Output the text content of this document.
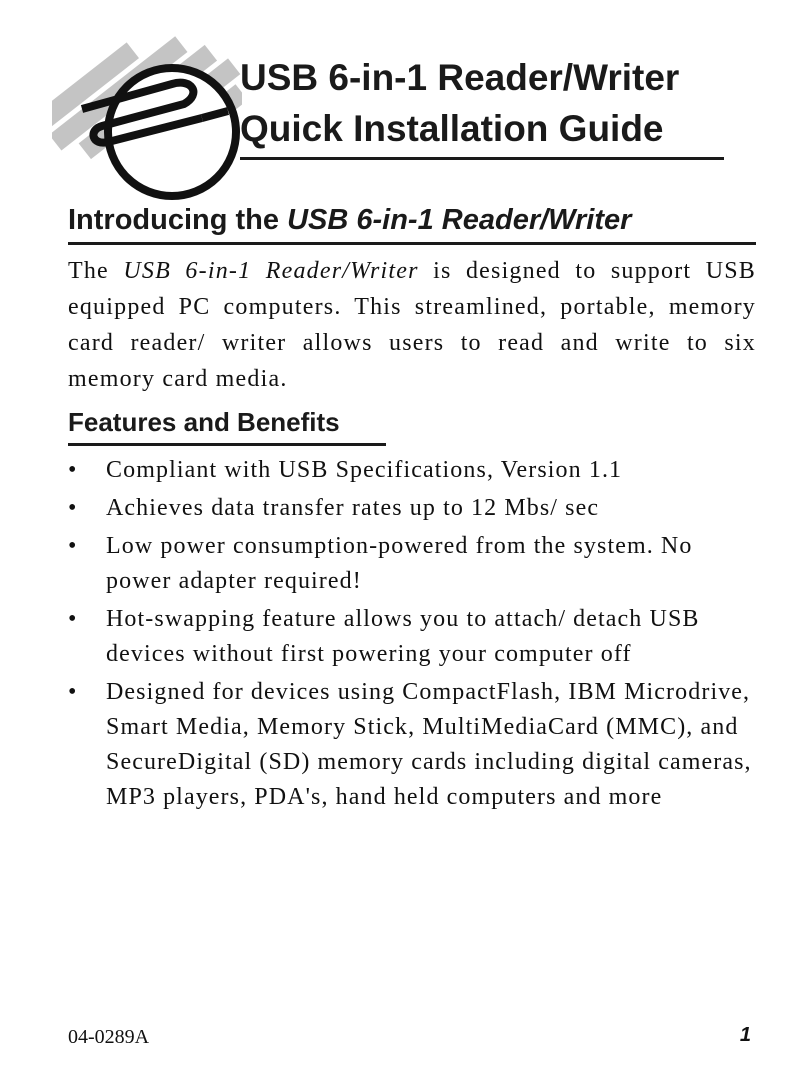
USB 6-in-1 Reader/Writer
Quick Installation Guide
Introducing the USB 6-in-1 Reader/Writer

The USB 6-in-1 Reader/Writer is designed to support USB equipped PC computers. This streamlined, portable, memory card reader/ writer allows users to read and write to six memory card media.

Features and Benefits
• Compliant with USB Specifications, Version 1.1
• Achieves data transfer rates up to 12 Mbs/ sec
• Low power consumption-powered from the system. No power adapter required!
• Hot-swapping feature allows you to attach/ detach USB devices without first powering your computer off
• Designed for devices using CompactFlash, IBM Microdrive, Smart Media, Memory Stick, MultiMediaCard (MMC), and SecureDigital (SD) memory cards including digital cameras, MP3 players, PDA's, hand held computers and more
04-0289A	1
